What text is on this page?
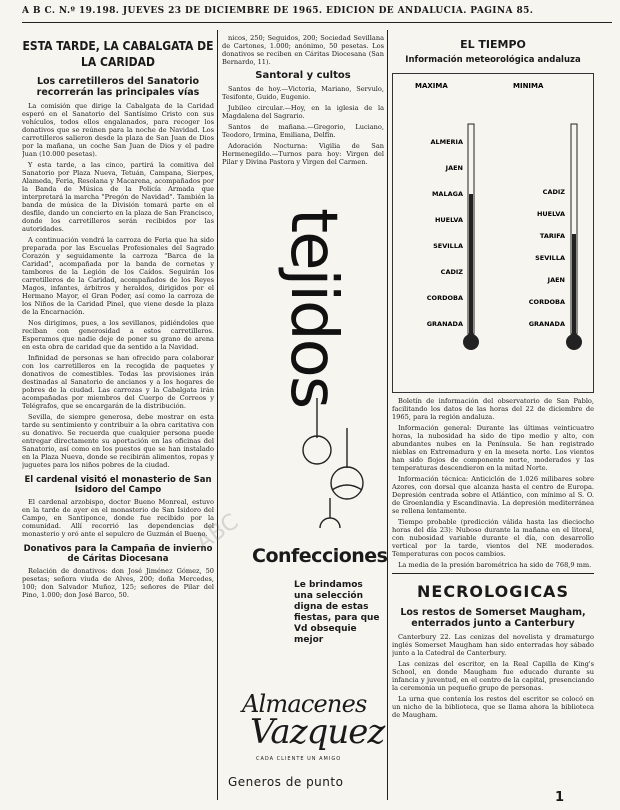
A B C. N.º 19.198. JUEVES 23 DE DICIEMBRE DE 1965. EDICION DE ANDALUCIA. PAGINA 85.
ESTA TARDE, LA CABALGATA DE LA CARIDAD
Los carretilleros del Sanatorio recorrerán las principales vías

La comisión que dirige la Cabalgata de la Caridad esperó en el Sanatorio del Santísimo Cristo con sus vehículos, todos ellos engalanados, para recoger los donativos que se reúnen para la noche de Navidad. Los carretilleros salieron desde la plaza de San Juan de Dios por la mañana, un coche San Juan de Dios y el padre Juan (10.000 pesetas).

Y esta tarde, a las cinco, partirá la comitiva del Sanatorio por Plaza Nueva, Tetuán, Campana, Sierpes, Alameda, Feria, Resolana y Macarena, acompañados por la Banda de Música de la Policía Armada que interpretará la marcha "Pregón de Navidad". También la banda de música de la División tomará parte en el desfile, dando un concierto en la plaza de San Francisco, donde los carretilleros serán recibidos por las autoridades.

A continuación vendrá la carroza de Feria que ha sido preparada por las Escuelas Profesionales del Sagrado Corazón y seguidamente la carroza "Barca de la Caridad", acompañada por la banda de cornetas y tambores de la Legión de los Caídos. Seguirán los carretilleros de la Caridad, acompañados de los Reyes Magos, infantes, árbitros y heraldos, dirigidos por el Hermano Mayor, el Gran Poder, así como la carroza de los Niños de la Caridad Pinel, que viene desde la plaza de la Encarnación.

Nos dirigimos, pues, a los sevillanos, pidiéndoles que reciban con generosidad a estos carretilleros. Esperamos que nadie deje de poner su grano de arena en esta obra de caridad que da sentido a la Navidad.

Infinidad de personas se han ofrecido para colaborar con los carretilleros en la recogida de paquetes y donativos de comestibles. Todas las provisiones irán destinadas al Sanatorio de ancianos y a los hogares de pobres de la ciudad. Las carrozas y la Cabalgata irán acompañadas por miembros del Cuerpo de Correos y Telégrafos, que se encargarán de la distribución.

Sevilla, de siempre generosa, debe mostrar en esta tarde su sentimiento y contribuir a la obra caritativa con su donativo. Se recuerda que cualquier persona puede entregar directamente su aportación en las oficinas del Sanatorio, así como en los puestos que se han instalado en la Plaza Nueva, donde se recibirán alimentos, ropas y juguetes para los niños pobres de la ciudad.

El cardenal visitó el monasterio de San Isidoro del Campo

El cardenal arzobispo, doctor Bueno Monreal, estuvo en la tarde de ayer en el monasterio de San Isidoro del Campo, en Santiponce, donde fue recibido por la comunidad. Allí recorrió las dependencias del monasterio y oró ante el sepulcro de Guzmán el Bueno.

Donativos para la Campaña de invierno de Cáritas Diocesana

Relación de donativos: don José Jiménez Gómez, 50 pesetas; señora viuda de Alves, 200; doña Mercedes, 100; don Salvador Muñoz, 125; señores de Pilar del Pino, 1.000; don José Barco, 50.

nicos, 250; Seguidos, 200; Sociedad Sevillana de Cartones, 1.000; anónimo, 50 pesetas. Los donativos se reciben en Cáritas Diocesana (San Bernardo, 11).

Santoral y cultos

Santos de hoy.—Victoria, Mariano, Servulo, Tesifonte, Guido, Eugenio.

Jubileo circular.—Hoy, en la iglesia de la Magdalena del Sagrario.

Santos de mañana.—Gregorio, Luciano, Teodoro, Irmina, Emiliana, Delfín.

Adoración Nocturna: Vigilia de San Hermenegildo.—Turnos para hoy: Virgen del Pilar y Divina Pastora y Virgen del Carmen.

tejidos
Confecciones
Le brindamos una selección digna de estas fiestas, para que Vd obsequie mejor
Almacenes
Vazquez
CADA CLIENTE UN AMIGO
Generos de punto
EL TIEMPO
Información meteorológica andaluza
MAXIMA	MINIMA
ALMERIA
JAEN
MALAGA
HUELVA
SEVILLA
CADIZ
CORDOBA
GRANADA
CADIZ
HUELVA
TARIFA
SEVILLA
JAEN
CORDOBA
GRANADA

Boletín de información del observatorio de San Pablo, facilitando los datos de las horas del 22 de diciembre de 1965, para la región andaluza.

Información general: Durante las últimas veinticuatro horas, la nubosidad ha sido de tipo medio y alto, con abundantes nubes en la Península. Se han registrado nieblas en Extremadura y en la meseta norte. Los vientos han sido flojos de componente norte, moderados y las temperaturas descendieron en la mitad Norte.

Información técnica: Anticiclón de 1.026 milibares sobre Azores, con dorsal que alcanza hasta el centro de Europa. Depresión centrada sobre el Atlántico, con mínimo al S. O. de Groenlandia y Escandinavia. La depresión mediterránea se rellena lentamente.

Tiempo probable (predicción válida hasta las dieciocho horas del día 23): Nuboso durante la mañana en el litoral, con nubosidad variable durante el día, con desarrollo vertical por la tarde, vientos del NE moderados. Temperaturas con pocos cambios.

La media de la presión barométrica ha sido de 768,9 mm.

NECROLOGICAS
Los restos de Somerset Maugham, enterrados junto a Canterbury

Canterbury 22. Las cenizas del novelista y dramaturgo inglés Somerset Maugham han sido enterradas hoy sábado junto a la Catedral de Canterbury.

Las cenizas del escritor, en la Real Capilla de King's School, en donde Maugham fue educado durante su infancia y juventud, en el centro de la capital, presenciando la ceremonia un pequeño grupo de personas.

La urna que contenía los restos del escritor se colocó en un nicho de la biblioteca, que se llama ahora la biblioteca de Maugham.

1
ABC
